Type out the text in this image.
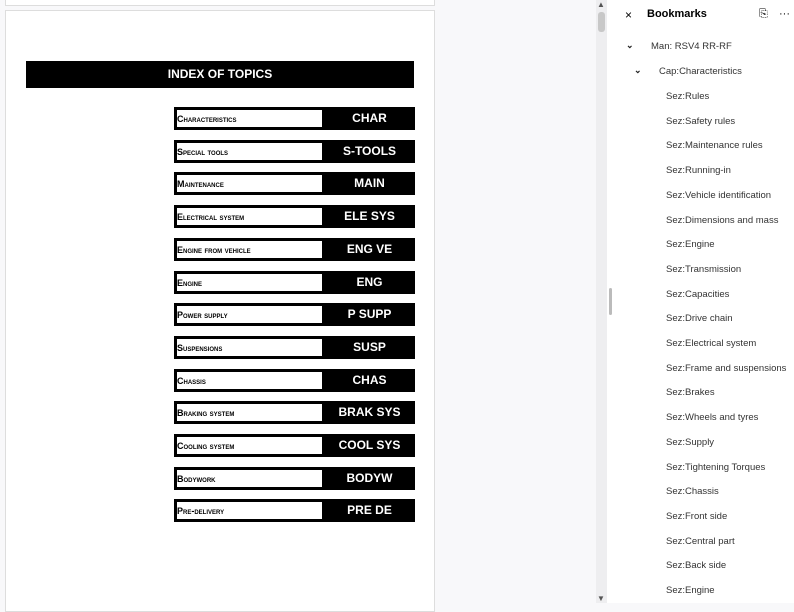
INDEX OF TOPICS
Characteristics	CHAR
Special tools	S-TOOLS
Maintenance	MAIN
Electrical system	ELE SYS
Engine from vehicle	ENG VE
Engine	ENG
Power supply	P SUPP
Suspensions	SUSP
Chassis	CHAS
Braking system	BRAK SYS
Cooling system	COOL SYS
Bodywork	BODYW
Pre-delivery	PRE DE
▲
▼
× Bookmarks	⎘ ···
⌄ Man: RSV4 RR-RF
⌄ Cap:Characteristics
Sez:Rules
Sez:Safety rules
Sez:Maintenance rules
Sez:Running-in
Sez:Vehicle identification
Sez:Dimensions and mass
Sez:Engine
Sez:Transmission
Sez:Capacities
Sez:Drive chain
Sez:Electrical system
Sez:Frame and suspensions
Sez:Brakes
Sez:Wheels and tyres
Sez:Supply
Sez:Tightening Torques
Sez:Chassis
Sez:Front side
Sez:Central part
Sez:Back side
Sez:Engine
